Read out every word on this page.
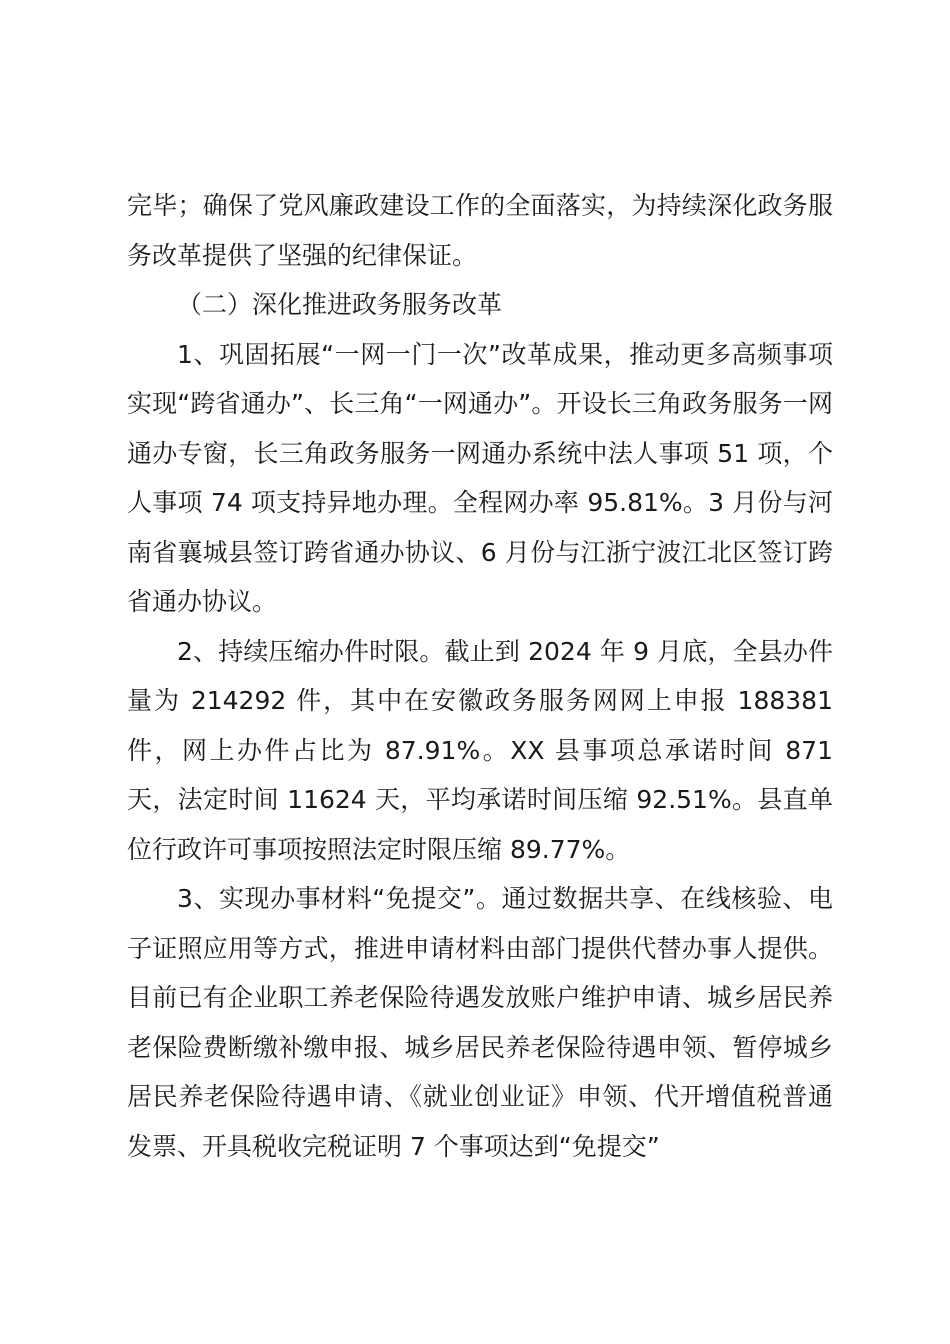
完毕；确保了党风廉政建设工作的全面落实，为持续深化政务服务改革提供了坚强的纪律保证。

（二）深化推进政务服务改革

1、巩固拓展“一网一门一次”改革成果，推动更多高频事项实现“跨省通办”、长三角“一网通办”。开设长三角政务服务一网通办专窗，长三角政务服务一网通办系统中法人事项 51 项，个人事项 74 项支持异地办理。全程网办率 95.81%。3 月份与河南省襄城县签订跨省通办协议、6 月份与江浙宁波江北区签订跨省通办协议。

2、持续压缩办件时限。截止到 2024 年 9 月底，全县办件量为 214292 件，其中在安徽政务服务网网上申报 188381 件，网上办件占比为 87.91%。XX 县事项总承诺时间 871 天，法定时间 11624 天，平均承诺时间压缩 92.51%。县直单位行政许可事项按照法定时限压缩 89.77%。

3、实现办事材料“免提交”。通过数据共享、在线核验、电子证照应用等方式，推进申请材料由部门提供代替办事人提供。目前已有企业职工养老保险待遇发放账户维护申请、城乡居民养老保险费断缴补缴申报、城乡居民养老保险待遇申领、暂停城乡居民养老保险待遇申请、《就业创业证》申领、代开增值税普通发票、开具税收完税证明 7 个事项达到“免提交”
